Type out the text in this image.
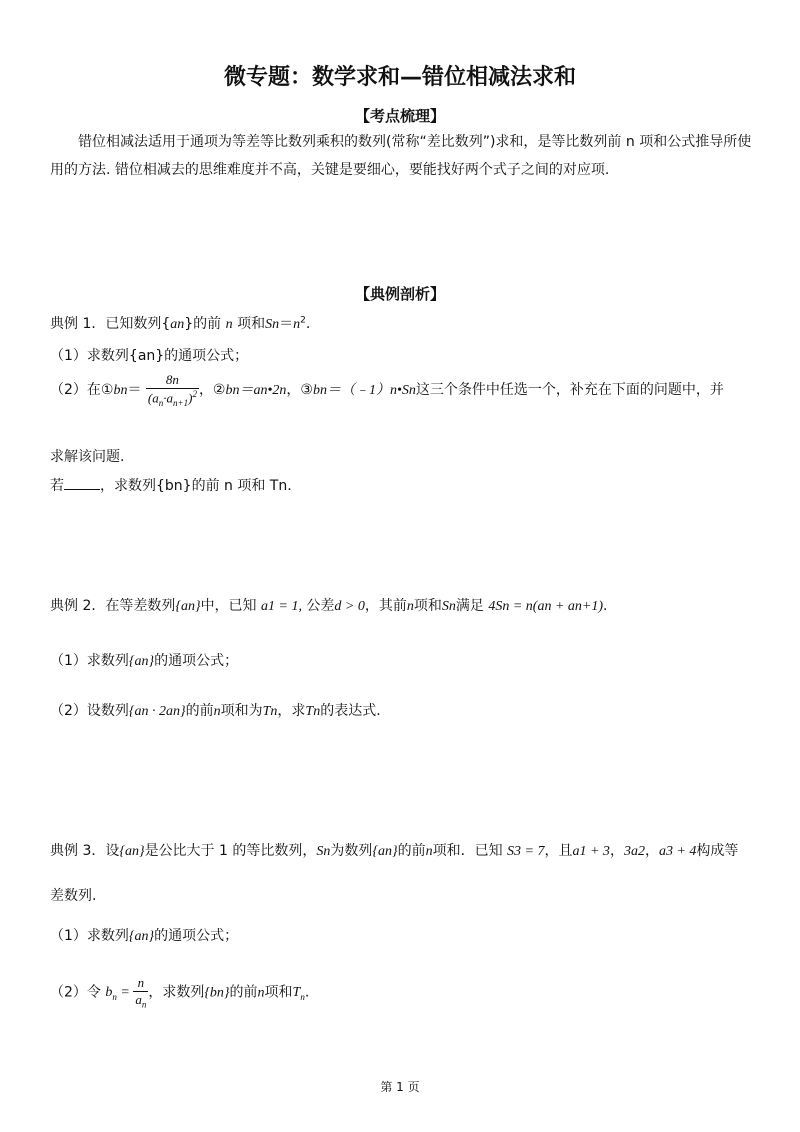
微专题：数学求和—错位相减法求和
【考点梳理】
错位相减法适用于通项为等差等比数列乘积的数列(常称“差比数列”)求和，是等比数列前 n 项和公式推导所使用的方法. 错位相减去的思维难度并不高，关键是要细心，要能找好两个式子之间的对应项.
【典例剖析】
典例 1．已知数列{an}的前 n 项和$Sn=n^2$.
（1）求数列{an}的通项公式；
（2）在①bn＝ $\frac{8n}{(a_n\cdot a_{n+1})^2}$ ，②bn＝an•2n，③bn＝（﹣1）n•Sn这三个条件中任选一个，补充在下面的问题中，并
求解该问题.
若	，求数列{bn}的前 n 项和 Tn.
典例 2．在等差数列{an}中，已知 a1 = 1, 公差d > 0，其前n项和Sn满足 4Sn = n(an + an+1).
（1）求数列{an}的通项公式；
（2）设数列{an · 2an}的前n项和为Tn，求Tn的表达式.
典例 3．设{an}是公比大于 1 的等比数列，Sn为数列{an}的前n项和．已知 S3 = 7，且a1 + 3，3a2，a3 + 4构成等
差数列.
（1）求数列{an}的通项公式；
（2）令 $b_n = \frac{n}{a_n}$ ，求数列{bn}的前n项和$T_n$.
第 1 页
